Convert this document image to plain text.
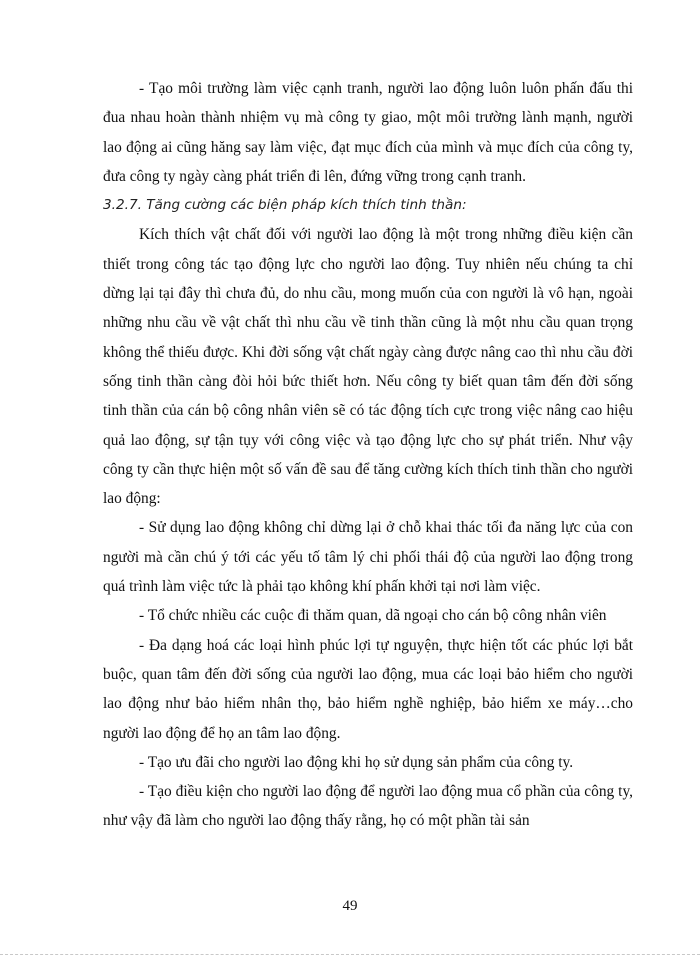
- Tạo môi trường làm việc cạnh tranh, người lao động luôn luôn phấn đấu thi đua nhau hoàn thành nhiệm vụ mà công ty giao, một môi trường lành mạnh, người lao động ai cũng hăng say làm việc, đạt mục đích của mình và mục đích của công ty, đưa công ty ngày càng phát triển đi lên, đứng vững trong cạnh tranh.

3.2.7. Tăng cường các biện pháp kích thích tinh thần:

Kích thích vật chất đối với người lao động là một trong những điều kiện cần thiết trong công tác tạo động lực cho người lao động. Tuy nhiên nếu chúng ta chỉ dừng lại tại đây thì chưa đủ, do nhu cầu, mong muốn của con người là vô hạn, ngoài những nhu cầu về vật chất thì nhu cầu về tinh thần cũng là một nhu cầu quan trọng không thể thiếu được. Khi đời sống vật chất ngày càng được nâng cao thì nhu cầu đời sống tinh thần càng đòi hỏi bức thiết hơn. Nếu công ty biết quan tâm đến đời sống tinh thần của cán bộ công nhân viên sẽ có tác động tích cực trong việc nâng cao hiệu quả lao động, sự tận tụy với công việc và tạo động lực cho sự phát triển. Như vậy công ty cần thực hiện một số vấn đề sau để tăng cường kích thích tinh thần cho người lao động:

- Sử dụng lao động không chỉ dừng lại ở chỗ khai thác tối đa năng lực của con người mà cần chú ý tới các yếu tố tâm lý chi phối thái độ của người lao động trong quá trình làm việc tức là phải tạo không khí phấn khởi tại nơi làm việc.

- Tổ chức nhiều các cuộc đi thăm quan, dã ngoại cho cán bộ công nhân viên

- Đa dạng hoá các loại hình phúc lợi tự nguyện, thực hiện tốt các phúc lợi bắt buộc, quan tâm đến đời sống của người lao động, mua các loại bảo hiểm cho người lao động như bảo hiểm nhân thọ, bảo hiểm nghề nghiệp, bảo hiểm xe máy…cho người lao động để họ an tâm lao động.

- Tạo ưu đãi cho người lao động khi họ sử dụng sản phẩm của công ty.

- Tạo điều kiện cho người lao động để người lao động mua cổ phần của công ty, như vậy đã làm cho người lao động thấy rằng, họ có một phần tài sản

49
